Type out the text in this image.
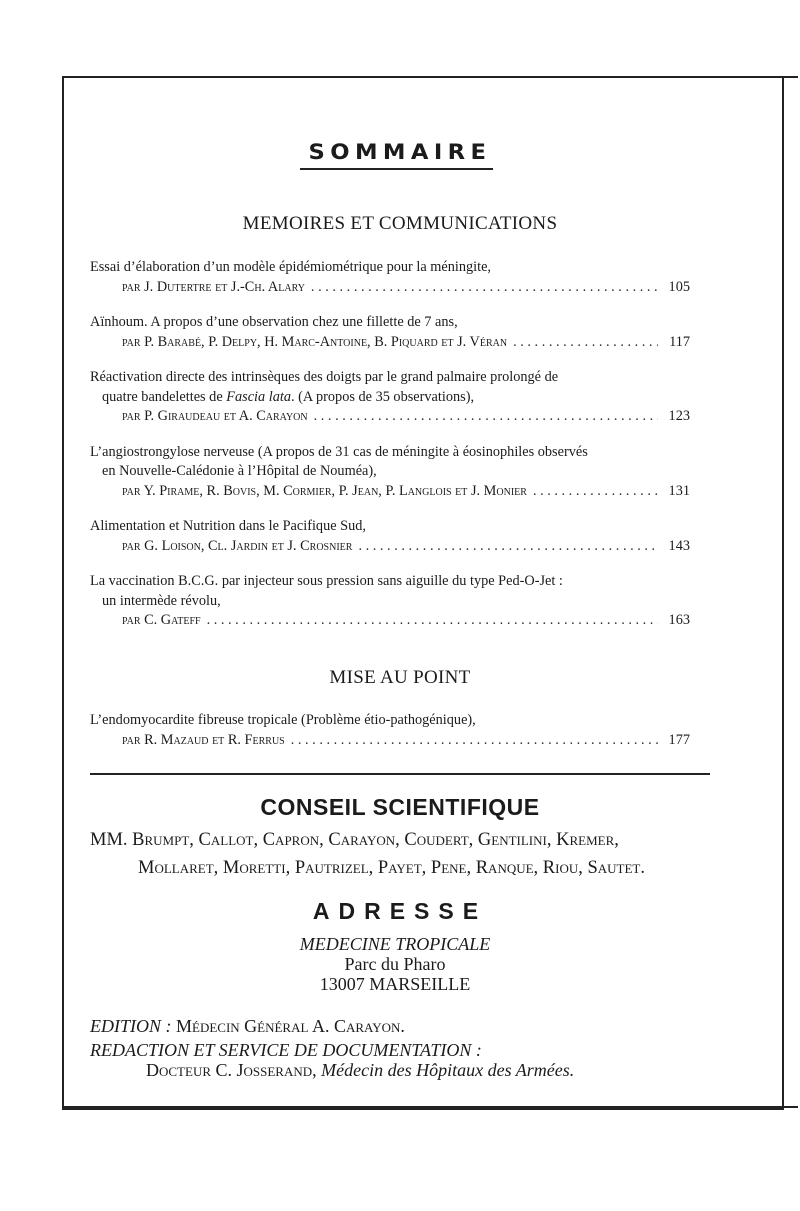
SOMMAIRE
MEMOIRES ET COMMUNICATIONS
Essai d’élaboration d’un modèle épidémiométrique pour la méningite,
par J. Dutertre et J.-Ch. Alary . . .	105
Aïnhoum. A propos d’une observation chez une fillette de 7 ans,
par P. Barabé, P. Delpy, H. Marc-Antoine, B. Piquard et J. Véran . . .	117
Réactivation directe des intrinsèques des doigts par le grand palmaire prolongé de
quatre bandelettes de Fascia lata. (A propos de 35 observations),
par P. Giraudeau et A. Carayon . . .	123
L’angiostrongylose nerveuse (A propos de 31 cas de méningite à éosinophiles observés
en Nouvelle-Calédonie à l’Hôpital de Nouméa),
par Y. Pirame, R. Bovis, M. Cormier, P. Jean, P. Langlois et J. Monier . . .	131
Alimentation et Nutrition dans le Pacifique Sud,
par G. Loison, Cl. Jardin et J. Crosnier . . .	143
La vaccination B.C.G. par injecteur sous pression sans aiguille du type Ped-O-Jet :
un intermède révolu,
par C. Gateff . . .	163
MISE AU POINT
L’endomyocardite fibreuse tropicale (Problème étio-pathogénique),
par R. Mazaud et R. Ferrus . . .	177
CONSEIL SCIENTIFIQUE
MM. Brumpt, Callot, Capron, Carayon, Coudert, Gentilini, Kremer,
Mollaret, Moretti, Pautrizel, Payet, Pene, Ranque, Riou, Sautet.
ADRESSE
MEDECINE TROPICALE
Parc du Pharo
13007 MARSEILLE
EDITION : Médecin Général A. Carayon.
REDACTION ET SERVICE DE DOCUMENTATION :
Docteur C. Josserand, Médecin des Hôpitaux des Armées.
